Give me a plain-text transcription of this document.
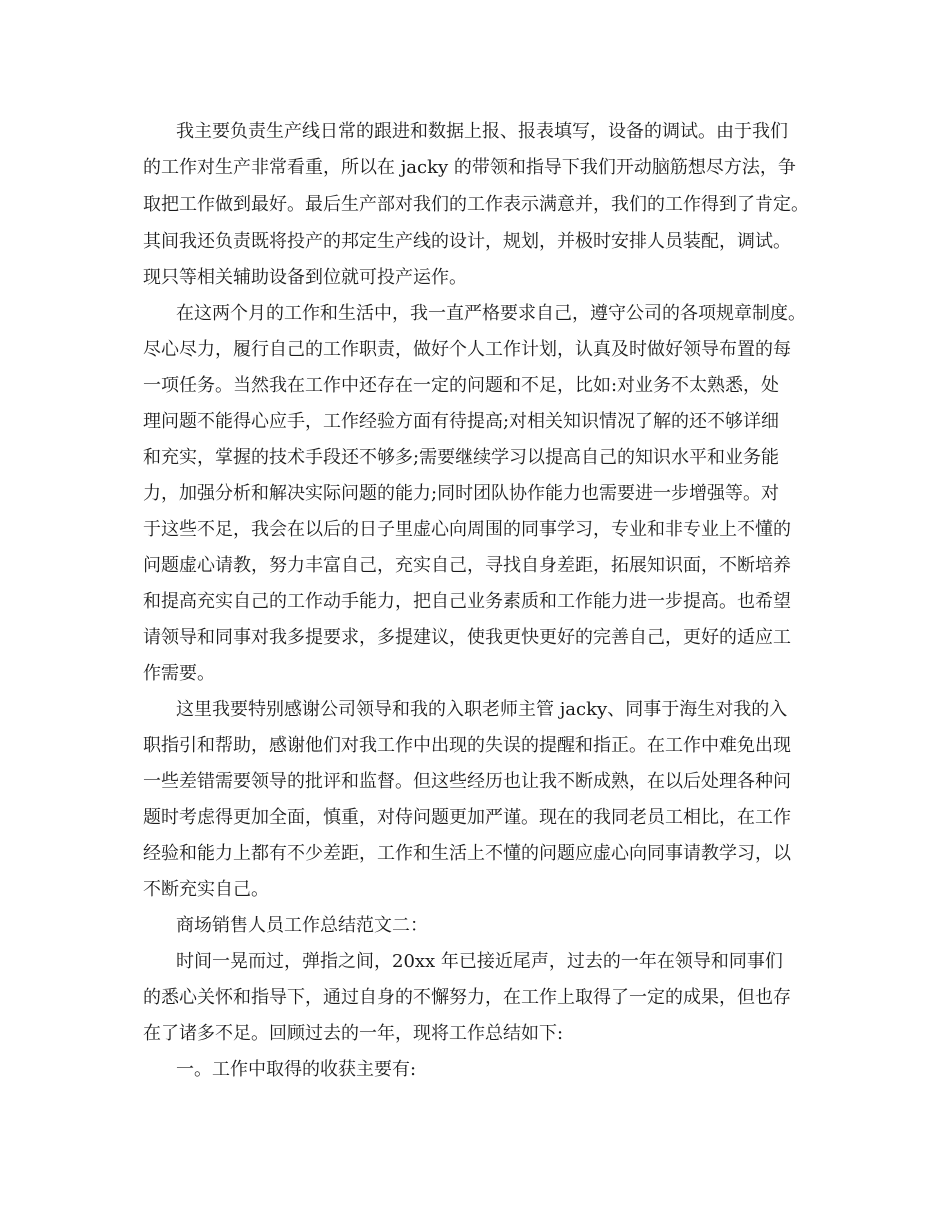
我主要负责生产线日常的跟进和数据上报、报表填写，设备的调试。由于我们

的工作对生产非常看重，所以在 jacky 的带领和指导下我们开动脑筋想尽方法，争

取把工作做到最好。最后生产部对我们的工作表示满意并，我们的工作得到了肯定。

其间我还负责既将投产的邦定生产线的设计，规划，并极时安排人员装配，调试。

现只等相关辅助设备到位就可投产运作。

在这两个月的工作和生活中，我一直严格要求自己，遵守公司的各项规章制度。

尽心尽力，履行自己的工作职责，做好个人工作计划，认真及时做好领导布置的每

一项任务。当然我在工作中还存在一定的问题和不足，比如:对业务不太熟悉，处

理问题不能得心应手，工作经验方面有待提高;对相关知识情况了解的还不够详细

和充实，掌握的技术手段还不够多;需要继续学习以提高自己的知识水平和业务能

力，加强分析和解决实际问题的能力;同时团队协作能力也需要进一步增强等。对

于这些不足，我会在以后的日子里虚心向周围的同事学习，专业和非专业上不懂的

问题虚心请教，努力丰富自己，充实自己，寻找自身差距，拓展知识面，不断培养

和提高充实自己的工作动手能力，把自己业务素质和工作能力进一步提高。也希望

请领导和同事对我多提要求，多提建议，使我更快更好的完善自己，更好的适应工

作需要。

这里我要特别感谢公司领导和我的入职老师主管 jacky、同事于海生对我的入

职指引和帮助，感谢他们对我工作中出现的失误的提醒和指正。在工作中难免出现

一些差错需要领导的批评和监督。但这些经历也让我不断成熟，在以后处理各种问

题时考虑得更加全面，慎重，对侍问题更加严谨。现在的我同老员工相比，在工作

经验和能力上都有不少差距，工作和生活上不懂的问题应虚心向同事请教学习，以

不断充实自己。

商场销售人员工作总结范文二：

时间一晃而过，弹指之间，20xx 年已接近尾声，过去的一年在领导和同事们

的悉心关怀和指导下，通过自身的不懈努力，在工作上取得了一定的成果，但也存

在了诸多不足。回顾过去的一年，现将工作总结如下:

一。工作中取得的收获主要有:
